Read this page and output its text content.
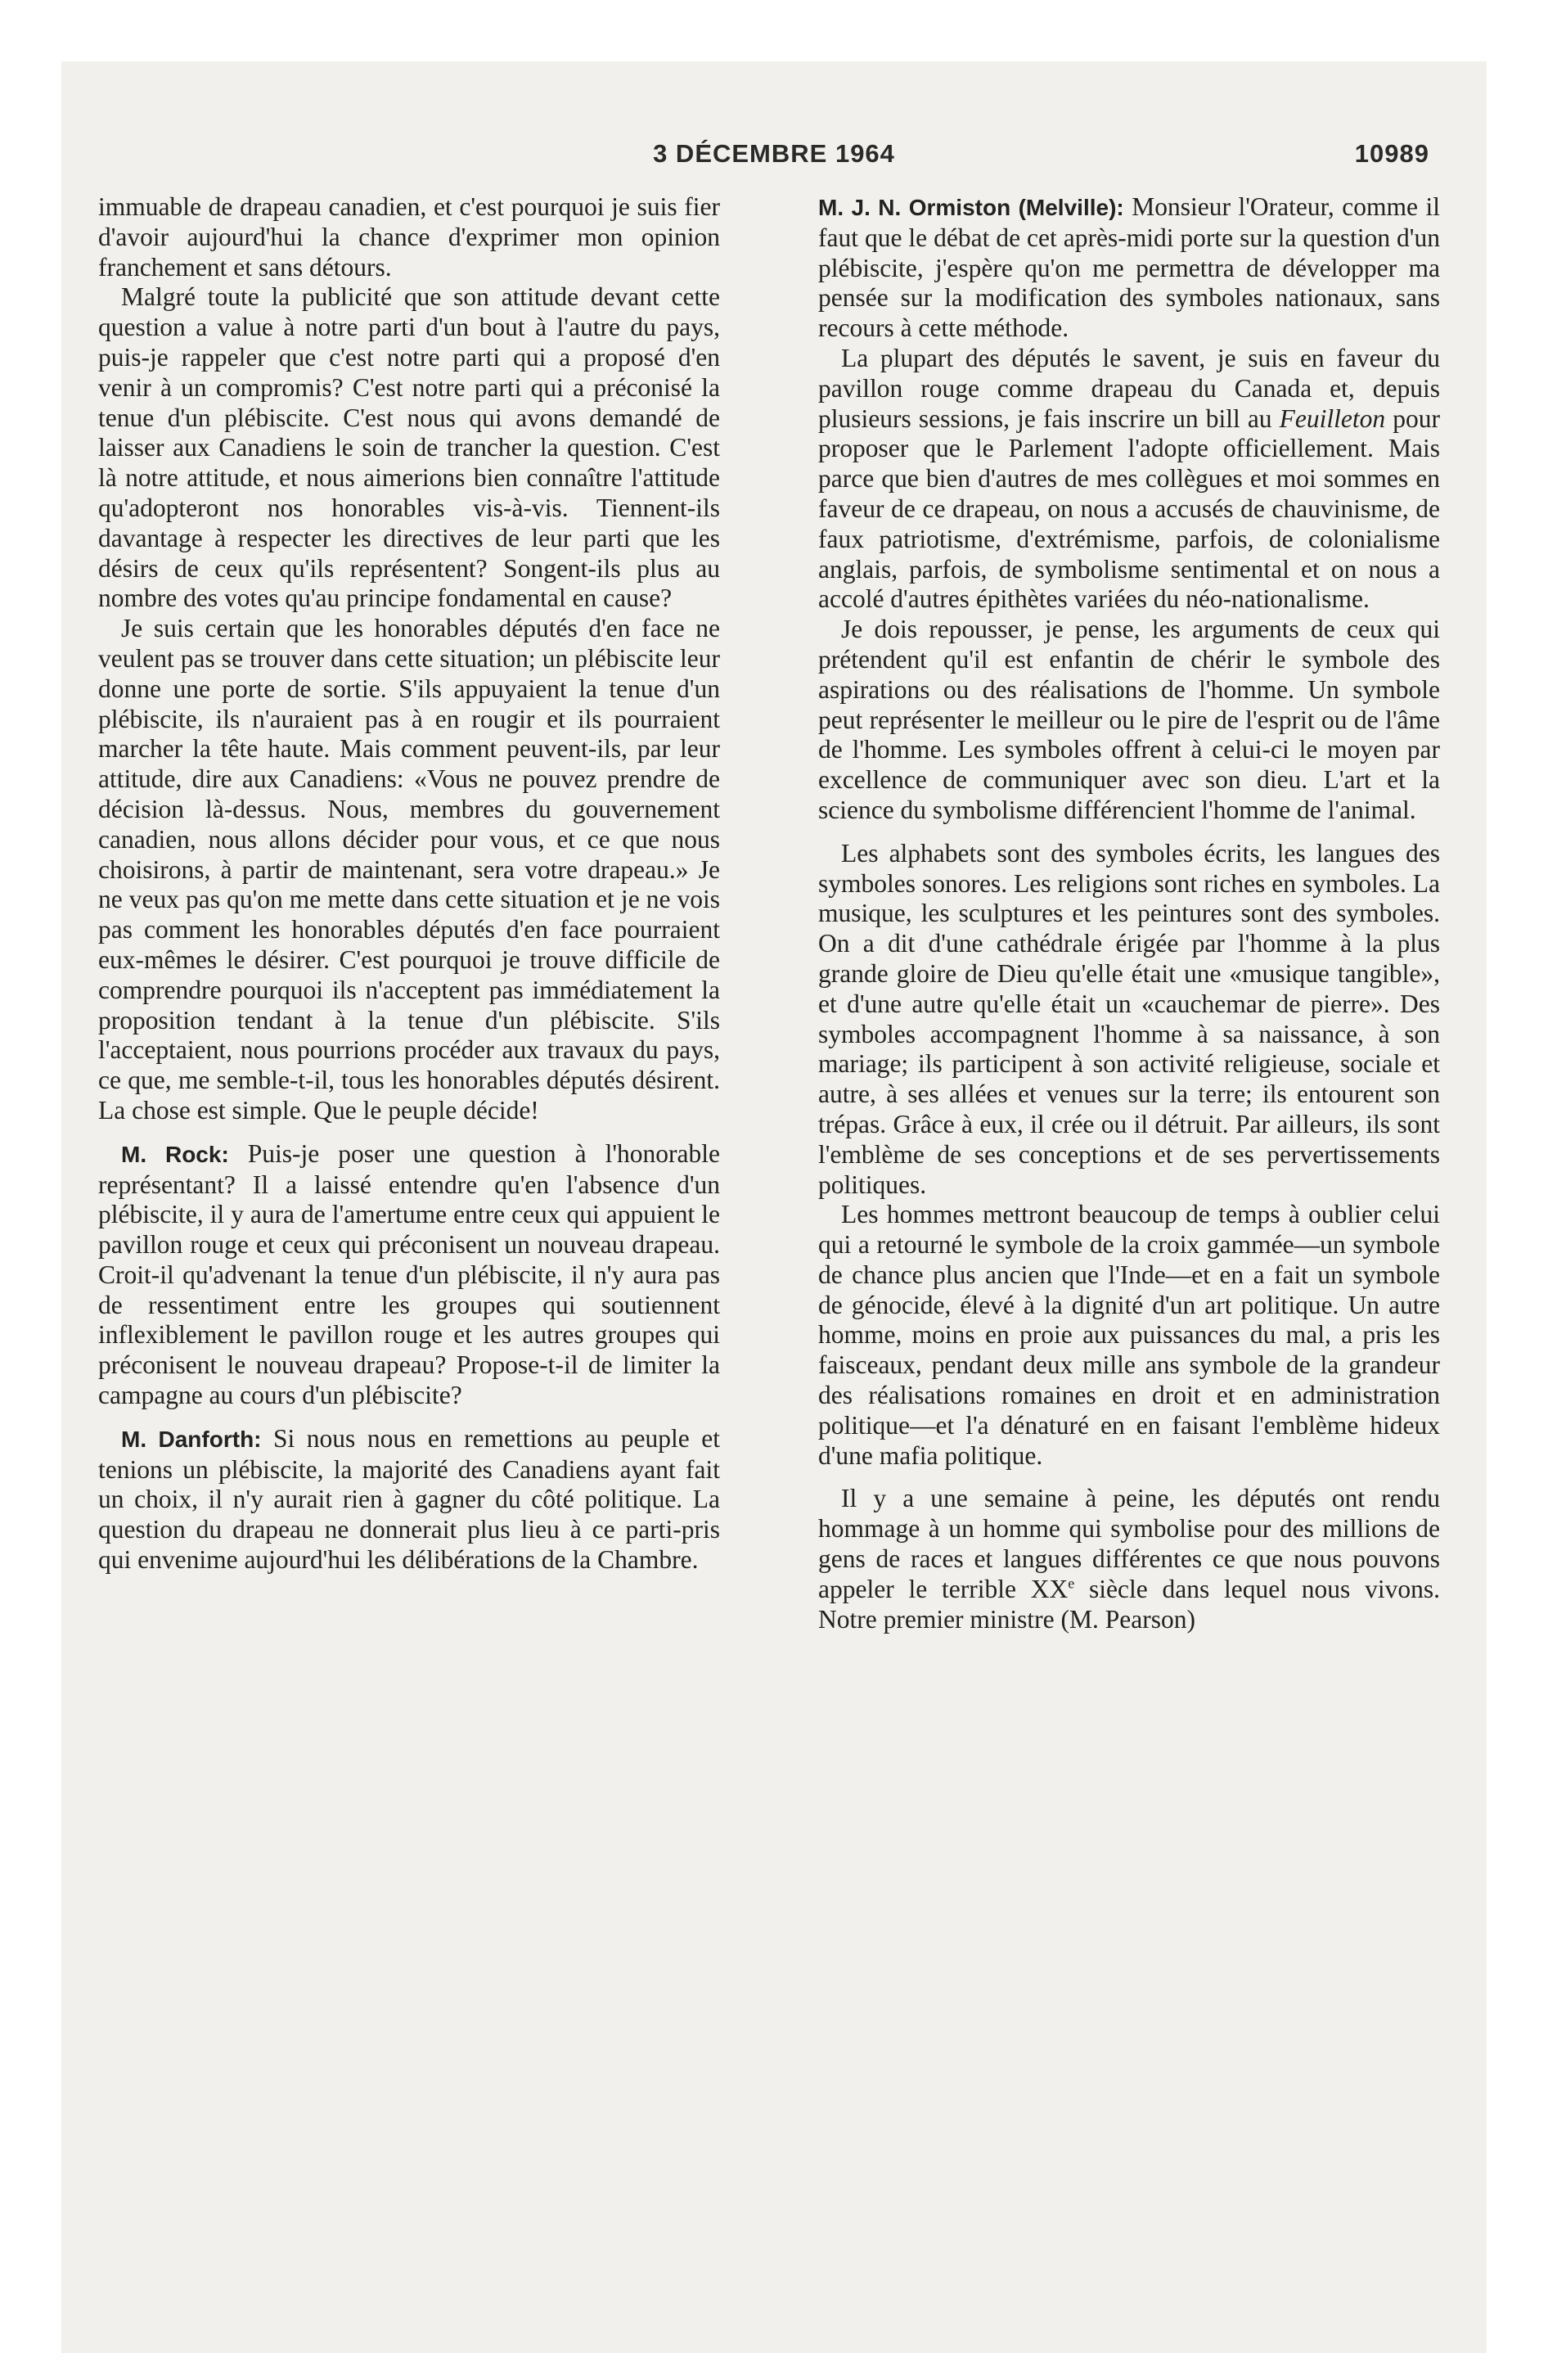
3 DÉCEMBRE 1964	10989

immuable de drapeau canadien, et c'est pourquoi je suis fier d'avoir aujourd'hui la chance d'exprimer mon opinion franchement et sans détours.

Malgré toute la publicité que son attitude devant cette question a value à notre parti d'un bout à l'autre du pays, puis-je rappeler que c'est notre parti qui a proposé d'en venir à un compromis? C'est notre parti qui a préconisé la tenue d'un plébiscite. C'est nous qui avons demandé de laisser aux Canadiens le soin de trancher la question. C'est là notre attitude, et nous aimerions bien connaître l'attitude qu'adopteront nos honorables vis-à-vis. Tiennent-ils davantage à respecter les directives de leur parti que les désirs de ceux qu'ils représentent? Songent-ils plus au nombre des votes qu'au principe fondamental en cause?

Je suis certain que les honorables députés d'en face ne veulent pas se trouver dans cette situation; un plébiscite leur donne une porte de sortie. S'ils appuyaient la tenue d'un plébiscite, ils n'auraient pas à en rougir et ils pourraient marcher la tête haute. Mais comment peuvent-ils, par leur attitude, dire aux Canadiens: «Vous ne pouvez prendre de décision là-dessus. Nous, membres du gouvernement canadien, nous allons décider pour vous, et ce que nous choisirons, à partir de maintenant, sera votre drapeau.» Je ne veux pas qu'on me mette dans cette situation et je ne vois pas comment les honorables députés d'en face pourraient eux-mêmes le désirer. C'est pourquoi je trouve difficile de comprendre pourquoi ils n'acceptent pas immédiatement la proposition tendant à la tenue d'un plébiscite. S'ils l'acceptaient, nous pourrions procéder aux travaux du pays, ce que, me semble-t-il, tous les honorables députés désirent. La chose est simple. Que le peuple décide!

M. Rock: Puis-je poser une question à l'honorable représentant? Il a laissé entendre qu'en l'absence d'un plébiscite, il y aura de l'amertume entre ceux qui appuient le pavillon rouge et ceux qui préconisent un nouveau drapeau. Croit-il qu'advenant la tenue d'un plébiscite, il n'y aura pas de ressentiment entre les groupes qui soutiennent inflexiblement le pavillon rouge et les autres groupes qui préconisent le nouveau drapeau? Propose-t-il de limiter la campagne au cours d'un plébiscite?

M. Danforth: Si nous nous en remettions au peuple et tenions un plébiscite, la majorité des Canadiens ayant fait un choix, il n'y aurait rien à gagner du côté politique. La question du drapeau ne donnerait plus lieu à ce parti-pris qui envenime aujourd'hui les délibérations de la Chambre.

M. J. N. Ormiston (Melville): Monsieur l'Orateur, comme il faut que le débat de cet après-midi porte sur la question d'un plébiscite, j'espère qu'on me permettra de développer ma pensée sur la modification des symboles nationaux, sans recours à cette méthode.

La plupart des députés le savent, je suis en faveur du pavillon rouge comme drapeau du Canada et, depuis plusieurs sessions, je fais inscrire un bill au Feuilleton pour proposer que le Parlement l'adopte officiellement. Mais parce que bien d'autres de mes collègues et moi sommes en faveur de ce drapeau, on nous a accusés de chauvinisme, de faux patriotisme, d'extrémisme, parfois, de colonialisme anglais, parfois, de symbolisme sentimental et on nous a accolé d'autres épithètes variées du néo-nationalisme.

Je dois repousser, je pense, les arguments de ceux qui prétendent qu'il est enfantin de chérir le symbole des aspirations ou des réalisations de l'homme. Un symbole peut représenter le meilleur ou le pire de l'esprit ou de l'âme de l'homme. Les symboles offrent à celui-ci le moyen par excellence de communiquer avec son dieu. L'art et la science du symbolisme différencient l'homme de l'animal.

Les alphabets sont des symboles écrits, les langues des symboles sonores. Les religions sont riches en symboles. La musique, les sculptures et les peintures sont des symboles. On a dit d'une cathédrale érigée par l'homme à la plus grande gloire de Dieu qu'elle était une «musique tangible», et d'une autre qu'elle était un «cauchemar de pierre». Des symboles accompagnent l'homme à sa naissance, à son mariage; ils participent à son activité religieuse, sociale et autre, à ses allées et venues sur la terre; ils entourent son trépas. Grâce à eux, il crée ou il détruit. Par ailleurs, ils sont l'emblème de ses conceptions et de ses pervertissements politiques.

Les hommes mettront beaucoup de temps à oublier celui qui a retourné le symbole de la croix gammée—un symbole de chance plus ancien que l'Inde—et en a fait un symbole de génocide, élevé à la dignité d'un art politique. Un autre homme, moins en proie aux puissances du mal, a pris les faisceaux, pendant deux mille ans symbole de la grandeur des réalisations romaines en droit et en administration politique—et l'a dénaturé en en faisant l'emblème hideux d'une mafia politique.

Il y a une semaine à peine, les députés ont rendu hommage à un homme qui symbolise pour des millions de gens de races et langues différentes ce que nous pouvons appeler le terrible XXe siècle dans lequel nous vivons. Notre premier ministre (M. Pearson)
